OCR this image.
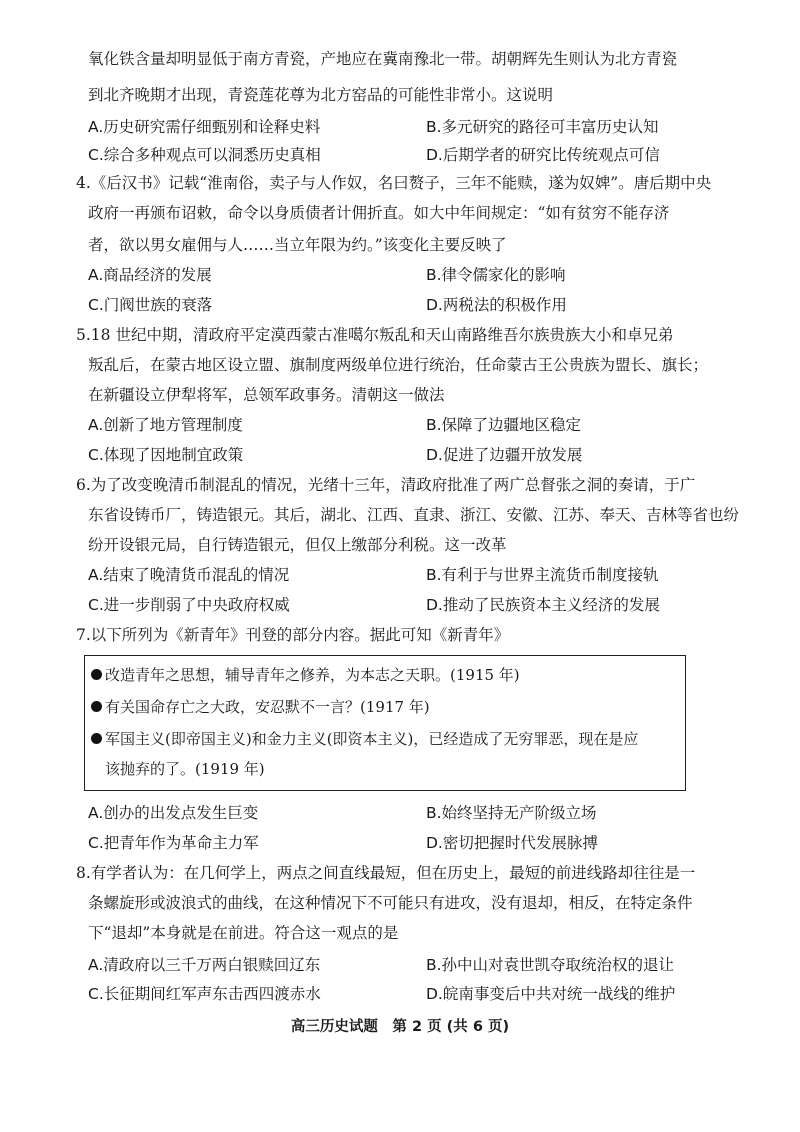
氧化铁含量却明显低于南方青瓷，产地应在冀南豫北一带。胡朝辉先生则认为北方青瓷
到北齐晚期才出现，青瓷莲花尊为北方窑品的可能性非常小。这说明
A.历史研究需仔细甄别和诠释史料	B.多元研究的路径可丰富历史认知
C.综合多种观点可以洞悉历史真相	D.后期学者的研究比传统观点可信
4.《后汉书》记载“淮南俗，卖子与人作奴，名曰赘子，三年不能赎，遂为奴婢”。唐后期中央
政府一再颁布诏敕，命令以身质债者计佣折直。如大中年间规定：“如有贫穷不能存济
者，欲以男女雇佣与人……当立年限为约。”该变化主要反映了
A.商品经济的发展	B.律令儒家化的影响
C.门阀世族的衰落	D.两税法的积极作用
5.18 世纪中期，清政府平定漠西蒙古准噶尔叛乱和天山南路维吾尔族贵族大小和卓兄弟
叛乱后，在蒙古地区设立盟、旗制度两级单位进行统治，任命蒙古王公贵族为盟长、旗长；
在新疆设立伊犁将军，总领军政事务。清朝这一做法
A.创新了地方管理制度	B.保障了边疆地区稳定
C.体现了因地制宜政策	D.促进了边疆开放发展
6.为了改变晚清币制混乱的情况，光绪十三年，清政府批准了两广总督张之洞的奏请，于广
东省设铸币厂，铸造银元。其后，湖北、江西、直隶、浙江、安徽、江苏、奉天、吉林等省也纷
纷开设银元局，自行铸造银元，但仅上缴部分利税。这一改革
A.结束了晚清货币混乱的情况	B.有利于与世界主流货币制度接轨
C.进一步削弱了中央政府权威	D.推动了民族资本主义经济的发展
7.以下所列为《新青年》刊登的部分内容。据此可知《新青年》
改造青年之思想，辅导青年之修养，为本志之天职。(1915 年)
有关国命存亡之大政，安忍默不一言？(1917 年)
军国主义(即帝国主义)和金力主义(即资本主义)，已经造成了无穷罪恶，现在是应
该抛弃的了。(1919 年)
A.创办的出发点发生巨变	B.始终坚持无产阶级立场
C.把青年作为革命主力军	D.密切把握时代发展脉搏
8.有学者认为：在几何学上，两点之间直线最短，但在历史上，最短的前进线路却往往是一
条螺旋形或波浪式的曲线，在这种情况下不可能只有进攻，没有退却，相反，在特定条件
下“退却”本身就是在前进。符合这一观点的是
A.清政府以三千万两白银赎回辽东	B.孙中山对袁世凯夺取统治权的退让
C.长征期间红军声东击西四渡赤水	D.皖南事变后中共对统一战线的维护
高三历史试题　第 2 页 (共 6 页)
